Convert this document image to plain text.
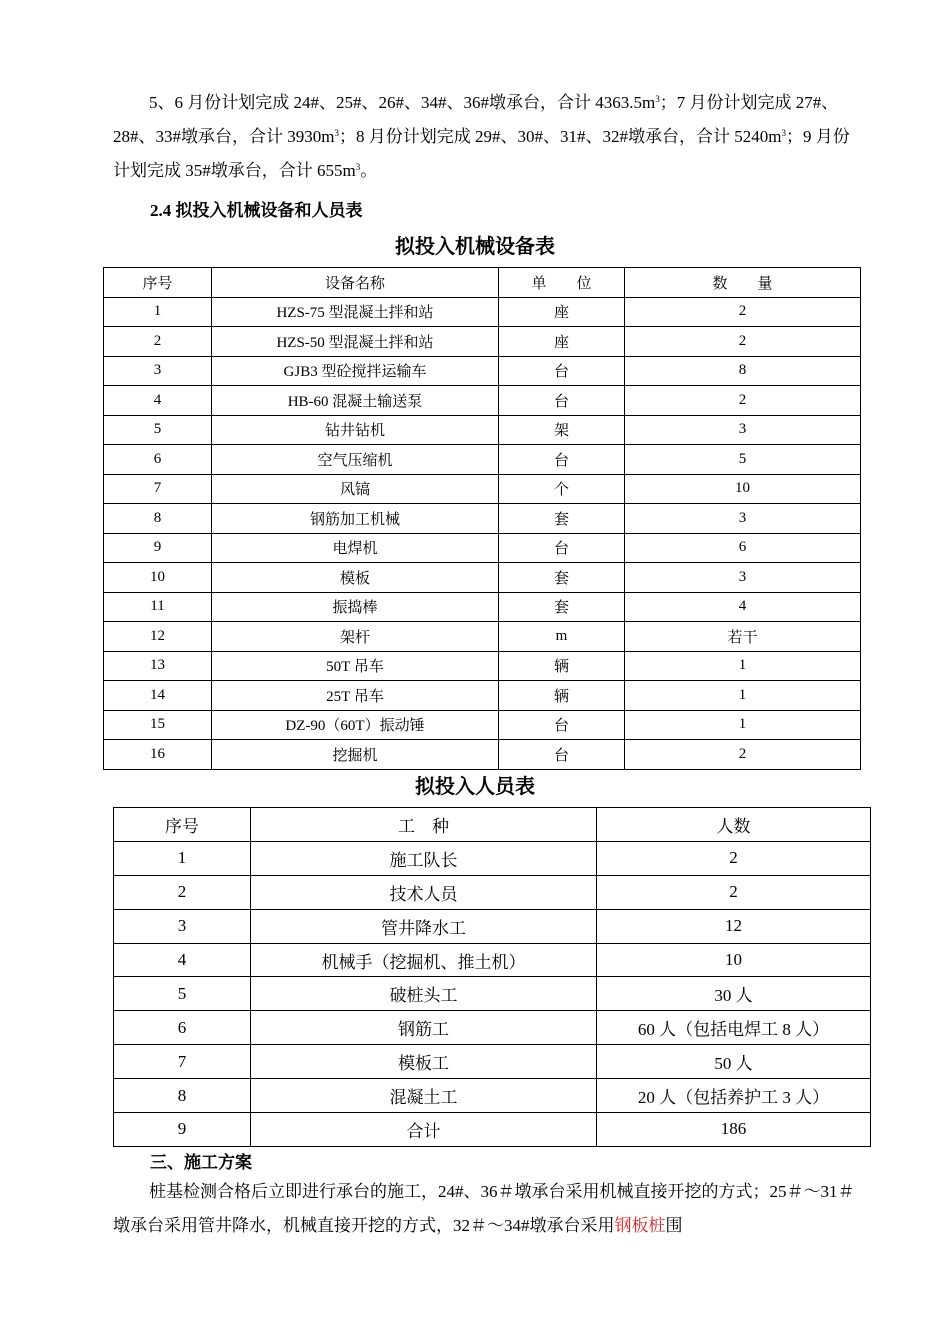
5、6 月份计划完成 24#、25#、26#、34#、36#墩承台，合计 $4363.5m^3$；7 月份计划完成 27#、28#、33#墩承台，合计 $3930m^3$；8 月份计划完成 29#、30#、31#、32#墩承台，合计 $5240m^3$；9 月份计划完成 35#墩承台，合计 $655m^3$。

2.4 拟投入机械设备和人员表
拟投入机械设备表
序号	设备名称	单　　位	数　　量
1	HZS-75 型混凝土拌和站	座	2
2	HZS-50 型混凝土拌和站	座	2
3	GJB3 型砼搅拌运输车	台	8
4	HB-60 混凝土输送泵	台	2
5	钻井钻机	架	3
6	空气压缩机	台	5
7	风镐	个	10
8	钢筋加工机械	套	3
9	电焊机	台	6
10	模板	套	3
11	振捣棒	套	4
12	架杆	m	若干
13	50T 吊车	辆	1
14	25T 吊车	辆	1
15	DZ-90（60T）振动锤	台	1
16	挖掘机	台	2
拟投入人员表
序号	工　种	人数
1	施工队长	2
2	技术人员	2
3	管井降水工	12
4	机械手（挖掘机、推土机）	10
5	破桩头工	30 人
6	钢筋工	60 人（包括电焊工 8 人）
7	模板工	50 人
8	混凝土工	20 人（包括养护工 3 人）
9	合计	186
三、施工方案

桩基检测合格后立即进行承台的施工，24#、36＃墩承台采用机械直接开挖的方式；25＃～31＃墩承台采用管井降水，机械直接开挖的方式，32＃～34#墩承台采用钢板桩围
